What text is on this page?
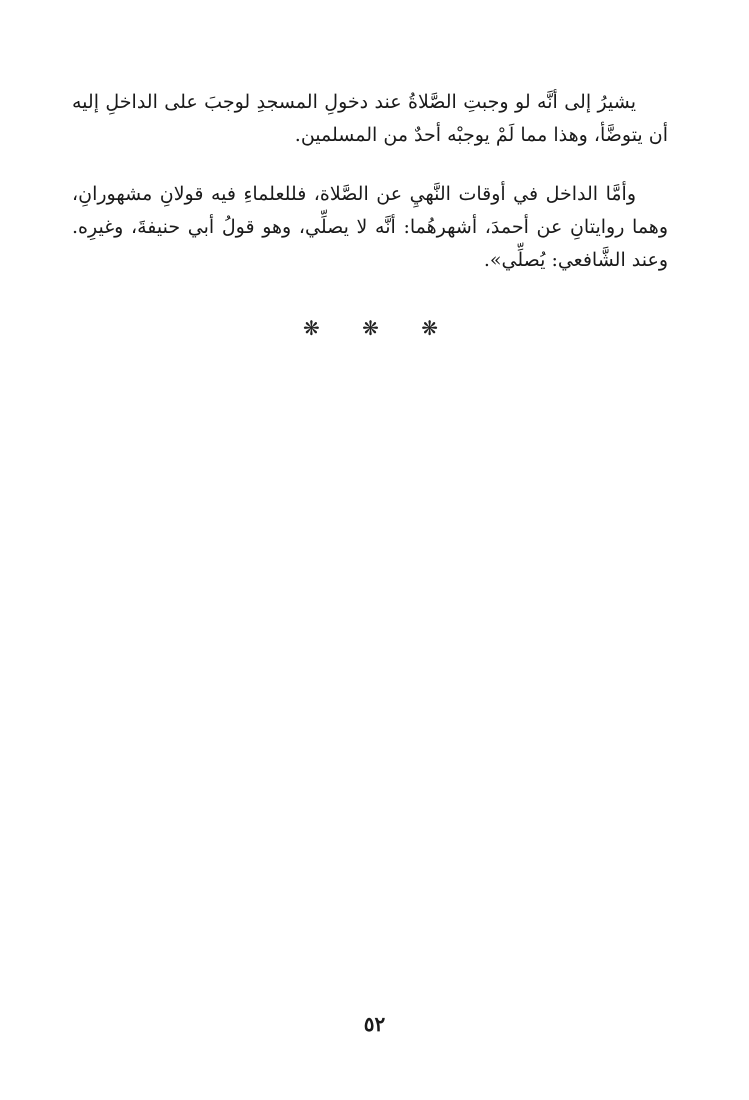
يشيرُ إلى أنَّه لو وجبتِ الصَّلاةُ عند دخولِ المسجدِ لوجبَ على الداخلِ إليه أن يتوضَّأ، وهذا مما لَمْ يوجبْه أحدٌ من المسلمين.

وأمَّا الداخل في أوقات النَّهيِ عن الصَّلاة، فللعلماءِ فيه قولانِ مشهورانِ، وهما روايتانِ عن أحمدَ، أشهرهُما: أنَّه لا يصلِّي، وهو قولُ أبي حنيفةَ، وغيرِه. وعند الشَّافعي: يُصلِّي».

❋ ❋ ❋
٥٢
